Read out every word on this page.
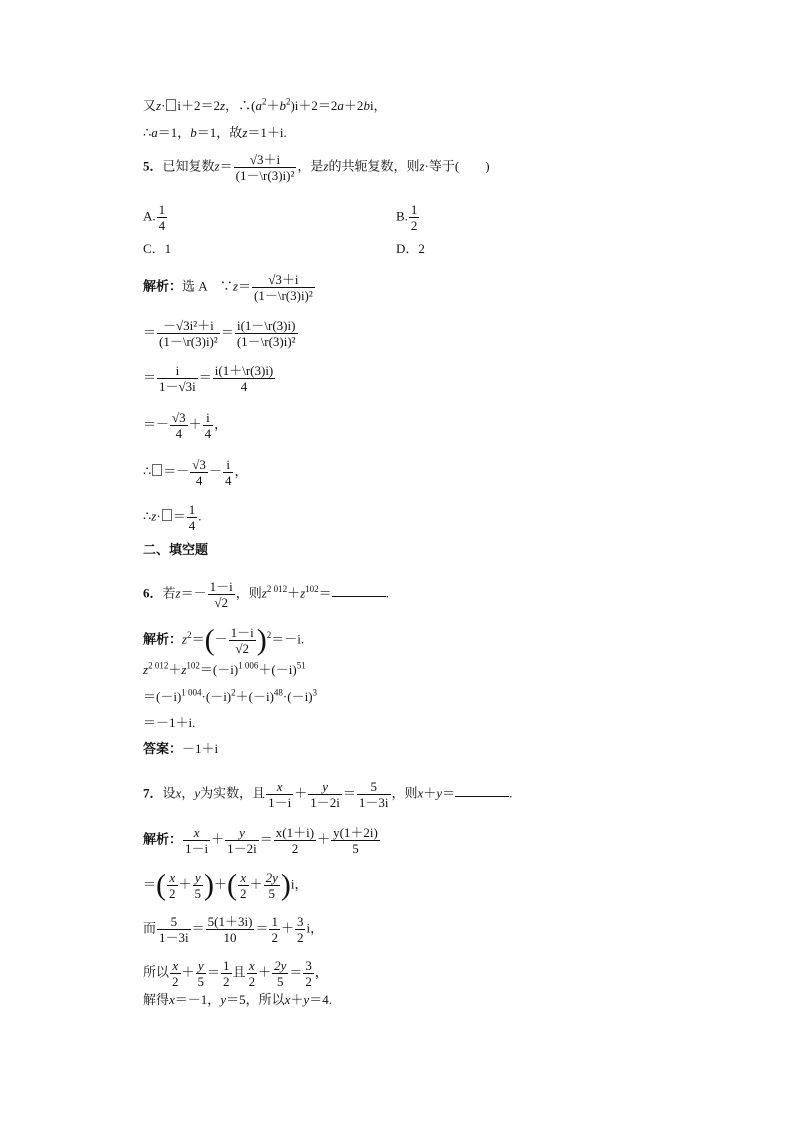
又z· i＋2＝2z，$\therefore(a^2+b^2)i+2=2a+2bi$，
∴a＝1，b＝1，故z＝1＋i.
5．已知复数$z= \frac{√3+i}{\text{(1－\textbackslash{}r(3)i)²}}$ ，是z的共轭复数，则z·等于(　　)
A. $\frac{1}{4}$	B. $\frac{1}{2}$
C．1	D．2
解析：选 A　∵z＝ $\frac{√3+i}{\text{(1－\textbackslash{}r(3)i)²}}$
＝ $\frac{\text{－√3i²＋i}}{\text{(1－\textbackslash{}r(3)i)²}} = \frac{i(1-\backslash r(3)i)}{\text{(1－\textbackslash{}r(3)i)²}}$
＝ $\frac{i}{1-√3i} = \frac{i(1+\backslash r(3)i)}{4}$
＝－ $\frac{√3}{4} + \frac{i}{4}$ ，
∴ ＝－ $\frac{√3}{4} - \frac{i}{4}$ ，
∴z· ＝ $\frac{1}{4}$ .
二、填空题
6．若$z=- \frac{1-i}{√2}$ ，则$z^{2 012}+z^{102}=$	.
解析：$z^2=(- \frac{1-i}{√2} )^2=-i$.
$z^{2 012}+z^{102}=(-i)^{1 006}+(-i)^{51}$
$=(-i)^{1 004}\cdot(-i)^2+(-i)^{48}\cdot(-i)^3$
＝－1＋i.
答案：－1＋i
7．设x，y为实数，且 $\frac{x}{1-i} + \frac{y}{1-2i} = \frac{5}{1-3i}$ ，则x＋y＝	.
解析： $\frac{x}{1-i} + \frac{y}{1-2i} = \frac{x(1+i)}{2} + \frac{y(1+2i)}{5}$
＝( $\frac{x}{2} + \frac{y}{5}$ )＋( $\frac{x}{2} + \frac{2y}{5} )i$，
而 $\frac{5}{1-3i} = \frac{5(1+3i)}{10} = \frac{1}{2} + \frac{3}{2}$ i，
所以 $\frac{x}{2} + \frac{y}{5} = \frac{1}{2}$ 且 $\frac{x}{2} + \frac{2y}{5} = \frac{3}{2}$ ，
解得x＝－1，y＝5，所以x＋y＝4.
